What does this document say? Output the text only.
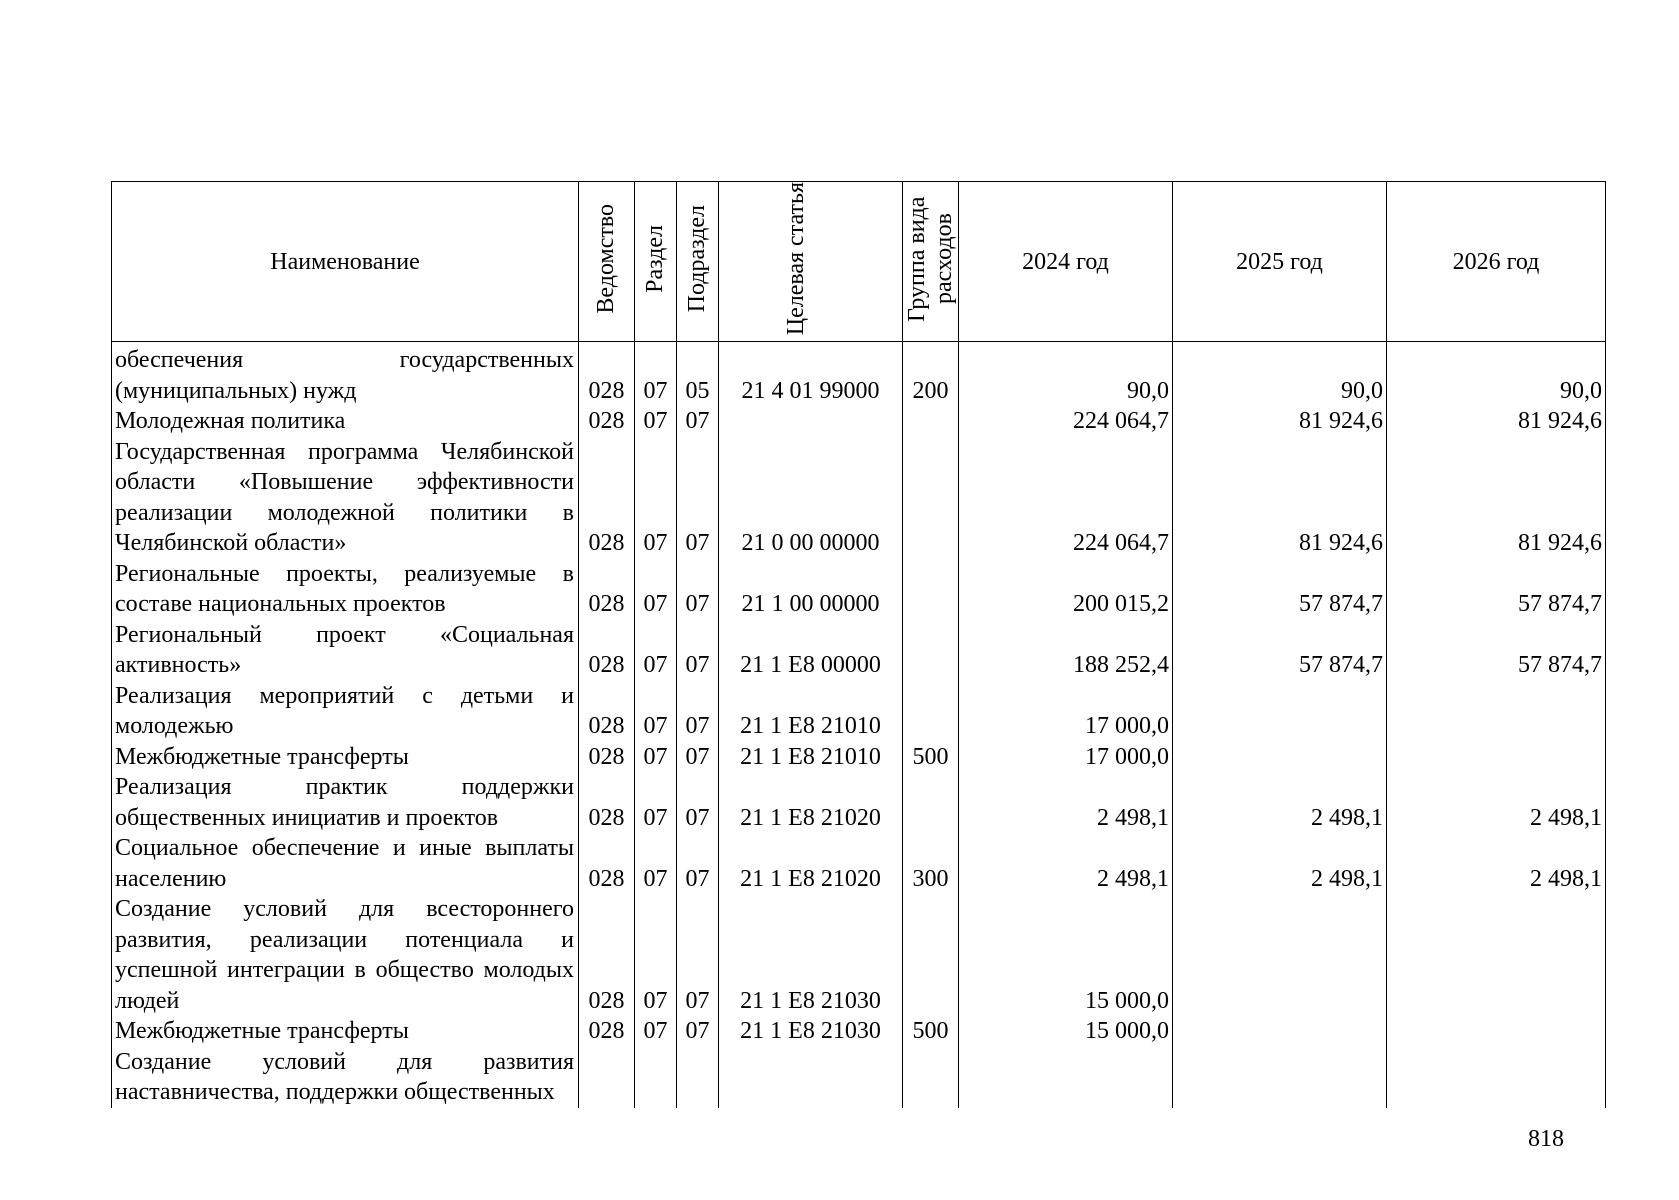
Наименование	Ведомство	Раздел	Подраздел	Целевая статья	Группа вида расходов	2024 год	2025 год	2026 год
обеспечения государственных (муниципальных) нужд	028	07	05	21 4 01 99000	200	90,0	90,0	90,0
Молодежная политика	028	07	07			224 064,7	81 924,6	81 924,6
Государственная программа Челябинской области «Повышение эффективности реализации молодежной политики в Челябинской области»	028	07	07	21 0 00 00000		224 064,7	81 924,6	81 924,6
Региональные проекты, реализуемые в составе национальных проектов	028	07	07	21 1 00 00000		200 015,2	57 874,7	57 874,7
Региональный проект «Социальная активность»	028	07	07	21 1 E8 00000		188 252,4	57 874,7	57 874,7
Реализация мероприятий с детьми и молодежью	028	07	07	21 1 E8 21010		17 000,0		
Межбюджетные трансферты	028	07	07	21 1 E8 21010	500	17 000,0		
Реализация практик поддержки общественных инициатив и проектов	028	07	07	21 1 E8 21020		2 498,1	2 498,1	2 498,1
Социальное обеспечение и иные выплаты населению	028	07	07	21 1 E8 21020	300	2 498,1	2 498,1	2 498,1
Создание условий для всестороннего развития, реализации потенциала и успешной интеграции в общество молодых людей	028	07	07	21 1 E8 21030		15 000,0		
Межбюджетные трансферты	028	07	07	21 1 E8 21030	500	15 000,0		
Создание условий для развития наставничества, поддержки общественных								
818
